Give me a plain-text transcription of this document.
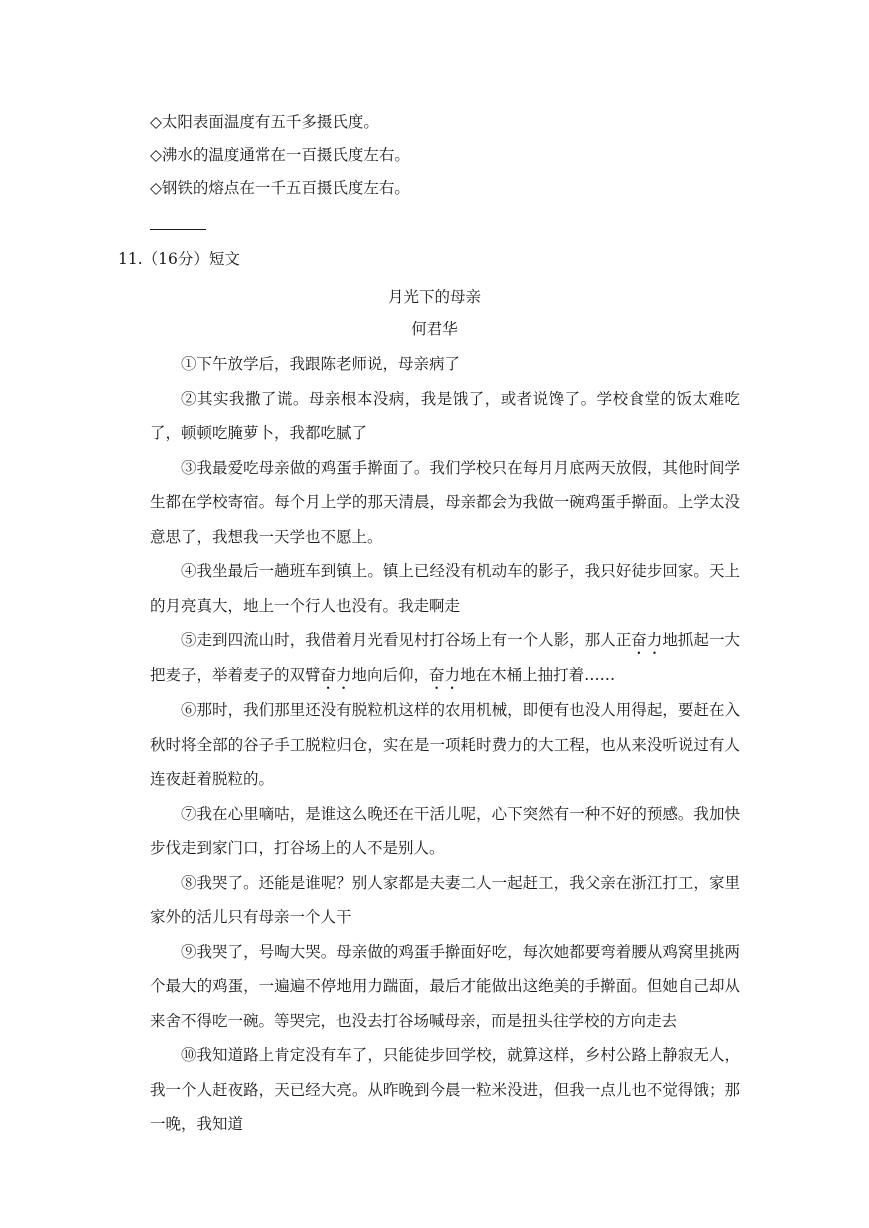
◇太阳表面温度有五千多摄氏度。
◇沸水的温度通常在一百摄氏度左右。
◇钢铁的熔点在一千五百摄氏度左右。
11.（16分）短文
月光下的母亲
何君华

①下午放学后，我跟陈老师说，母亲病了

②其实我撒了谎。母亲根本没病，我是饿了，或者说馋了。学校食堂的饭太难吃了，顿顿吃腌萝卜，我都吃腻了

③我最爱吃母亲做的鸡蛋手擀面了。我们学校只在每月月底两天放假，其他时间学生都在学校寄宿。每个月上学的那天清晨，母亲都会为我做一碗鸡蛋手擀面。上学太没意思了，我想我一天学也不愿上。

④我坐最后一趟班车到镇上。镇上已经没有机动车的影子，我只好徒步回家。天上的月亮真大，地上一个行人也没有。我走啊走

⑤走到四流山时，我借着月光看见村打谷场上有一个人影，那人正奋力地抓起一大把麦子，举着麦子的双臂奋力地向后仰，奋力地在木桶上抽打着……

⑥那时，我们那里还没有脱粒机这样的农用机械，即便有也没人用得起，要赶在入秋时将全部的谷子手工脱粒归仓，实在是一项耗时费力的大工程，也从来没听说过有人连夜赶着脱粒的。

⑦我在心里嘀咕，是谁这么晚还在干活儿呢，心下突然有一种不好的预感。我加快步伐走到家门口，打谷场上的人不是别人。

⑧我哭了。还能是谁呢？别人家都是夫妻二人一起赶工，我父亲在浙江打工，家里家外的活儿只有母亲一个人干

⑨我哭了，号啕大哭。母亲做的鸡蛋手擀面好吃，每次她都要弯着腰从鸡窝里挑两个最大的鸡蛋，一遍遍不停地用力踹面，最后才能做出这绝美的手擀面。但她自己却从来舍不得吃一碗。等哭完，也没去打谷场喊母亲，而是扭头往学校的方向走去

⑩我知道路上肯定没有车了，只能徒步回学校，就算这样，乡村公路上静寂无人，我一个人赶夜路，天已经大亮。从昨晚到今晨一粒米没进，但我一点儿也不觉得饿；那一晚，我知道
